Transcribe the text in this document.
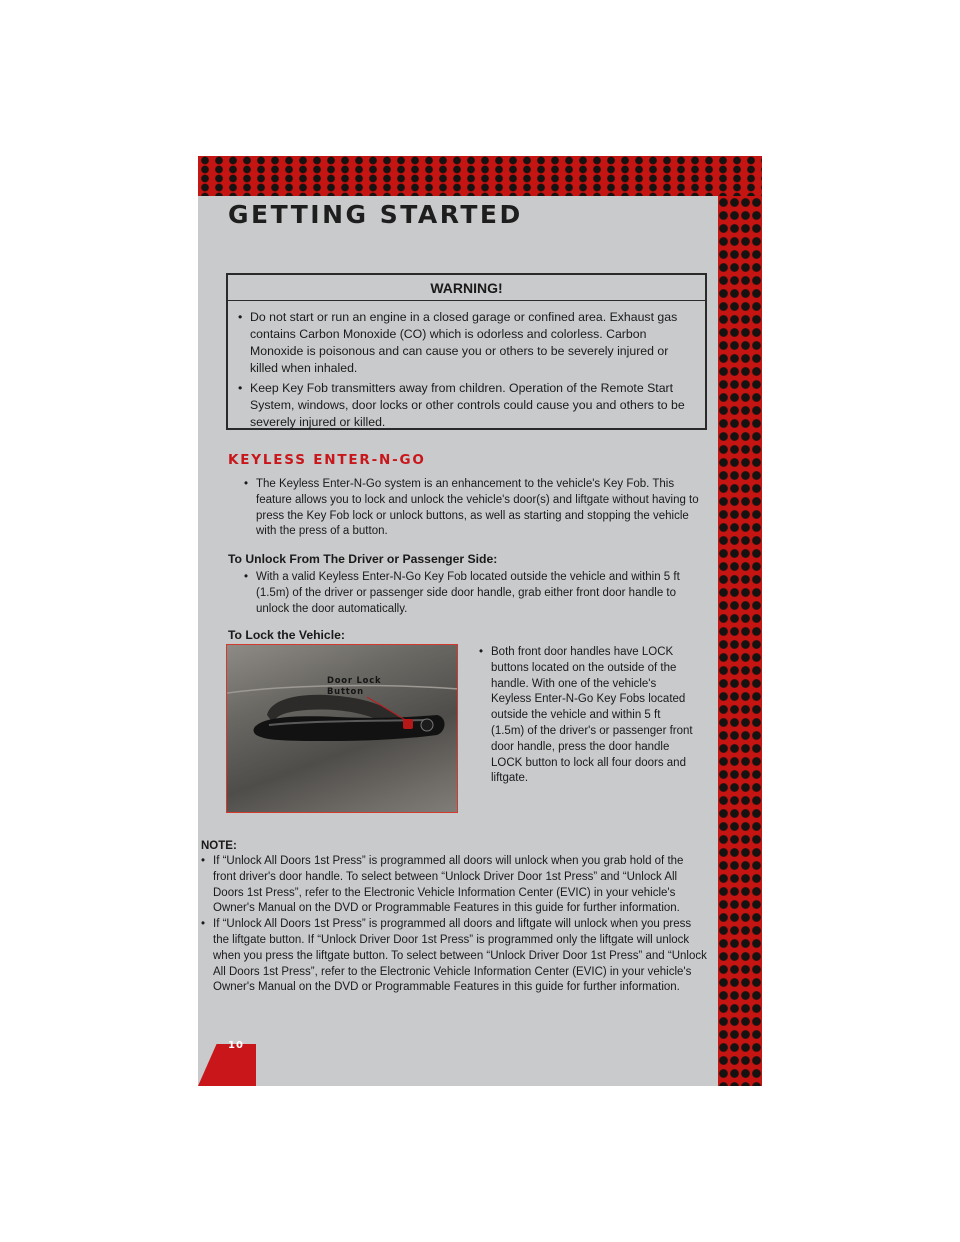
GETTING STARTED
WARNING!
• Do not start or run an engine in a closed garage or confined area. Exhaust gas contains Carbon Monoxide (CO) which is odorless and colorless. Carbon Monoxide is poisonous and can cause you or others to be severely injured or killed when inhaled.
• Keep Key Fob transmitters away from children. Operation of the Remote Start System, windows, door locks or other controls could cause you and others to be severely injured or killed.
KEYLESS ENTER-N-GO
• The Keyless Enter-N-Go system is an enhancement to the vehicle's Key Fob. This feature allows you to lock and unlock the vehicle's door(s) and liftgate without having to press the Key Fob lock or unlock buttons, as well as starting and stopping the vehicle with the press of a button.
To Unlock From The Driver or Passenger Side:
• With a valid Keyless Enter-N-Go Key Fob located outside the vehicle and within 5 ft (1.5m) of the driver or passenger side door handle, grab either front door handle to unlock the door automatically.
To Lock the Vehicle:
Door Lock
Button
• Both front door handles have LOCK buttons located on the outside of the handle. With one of the vehicle's Keyless Enter-N-Go Key Fobs located outside the vehicle and within 5 ft (1.5m) of the driver's or passenger front door handle, press the door handle LOCK button to lock all four doors and liftgate.
NOTE:
• If “Unlock All Doors 1st Press” is programmed all doors will unlock when you grab hold of the front driver's door handle. To select between “Unlock Driver Door 1st Press” and “Unlock All Doors 1st Press”, refer to the Electronic Vehicle Information Center (EVIC) in your vehicle's Owner's Manual on the DVD or Programmable Features in this guide for further information.
• If “Unlock All Doors 1st Press” is programmed all doors and liftgate will unlock when you press the liftgate button. If “Unlock Driver Door 1st Press” is programmed only the liftgate will unlock when you press the liftgate button. To select between “Unlock Driver Door 1st Press” and “Unlock All Doors 1st Press”, refer to the Electronic Vehicle Information Center (EVIC) in your vehicle's Owner's Manual on the DVD or Programmable Features in this guide for further information.
10
